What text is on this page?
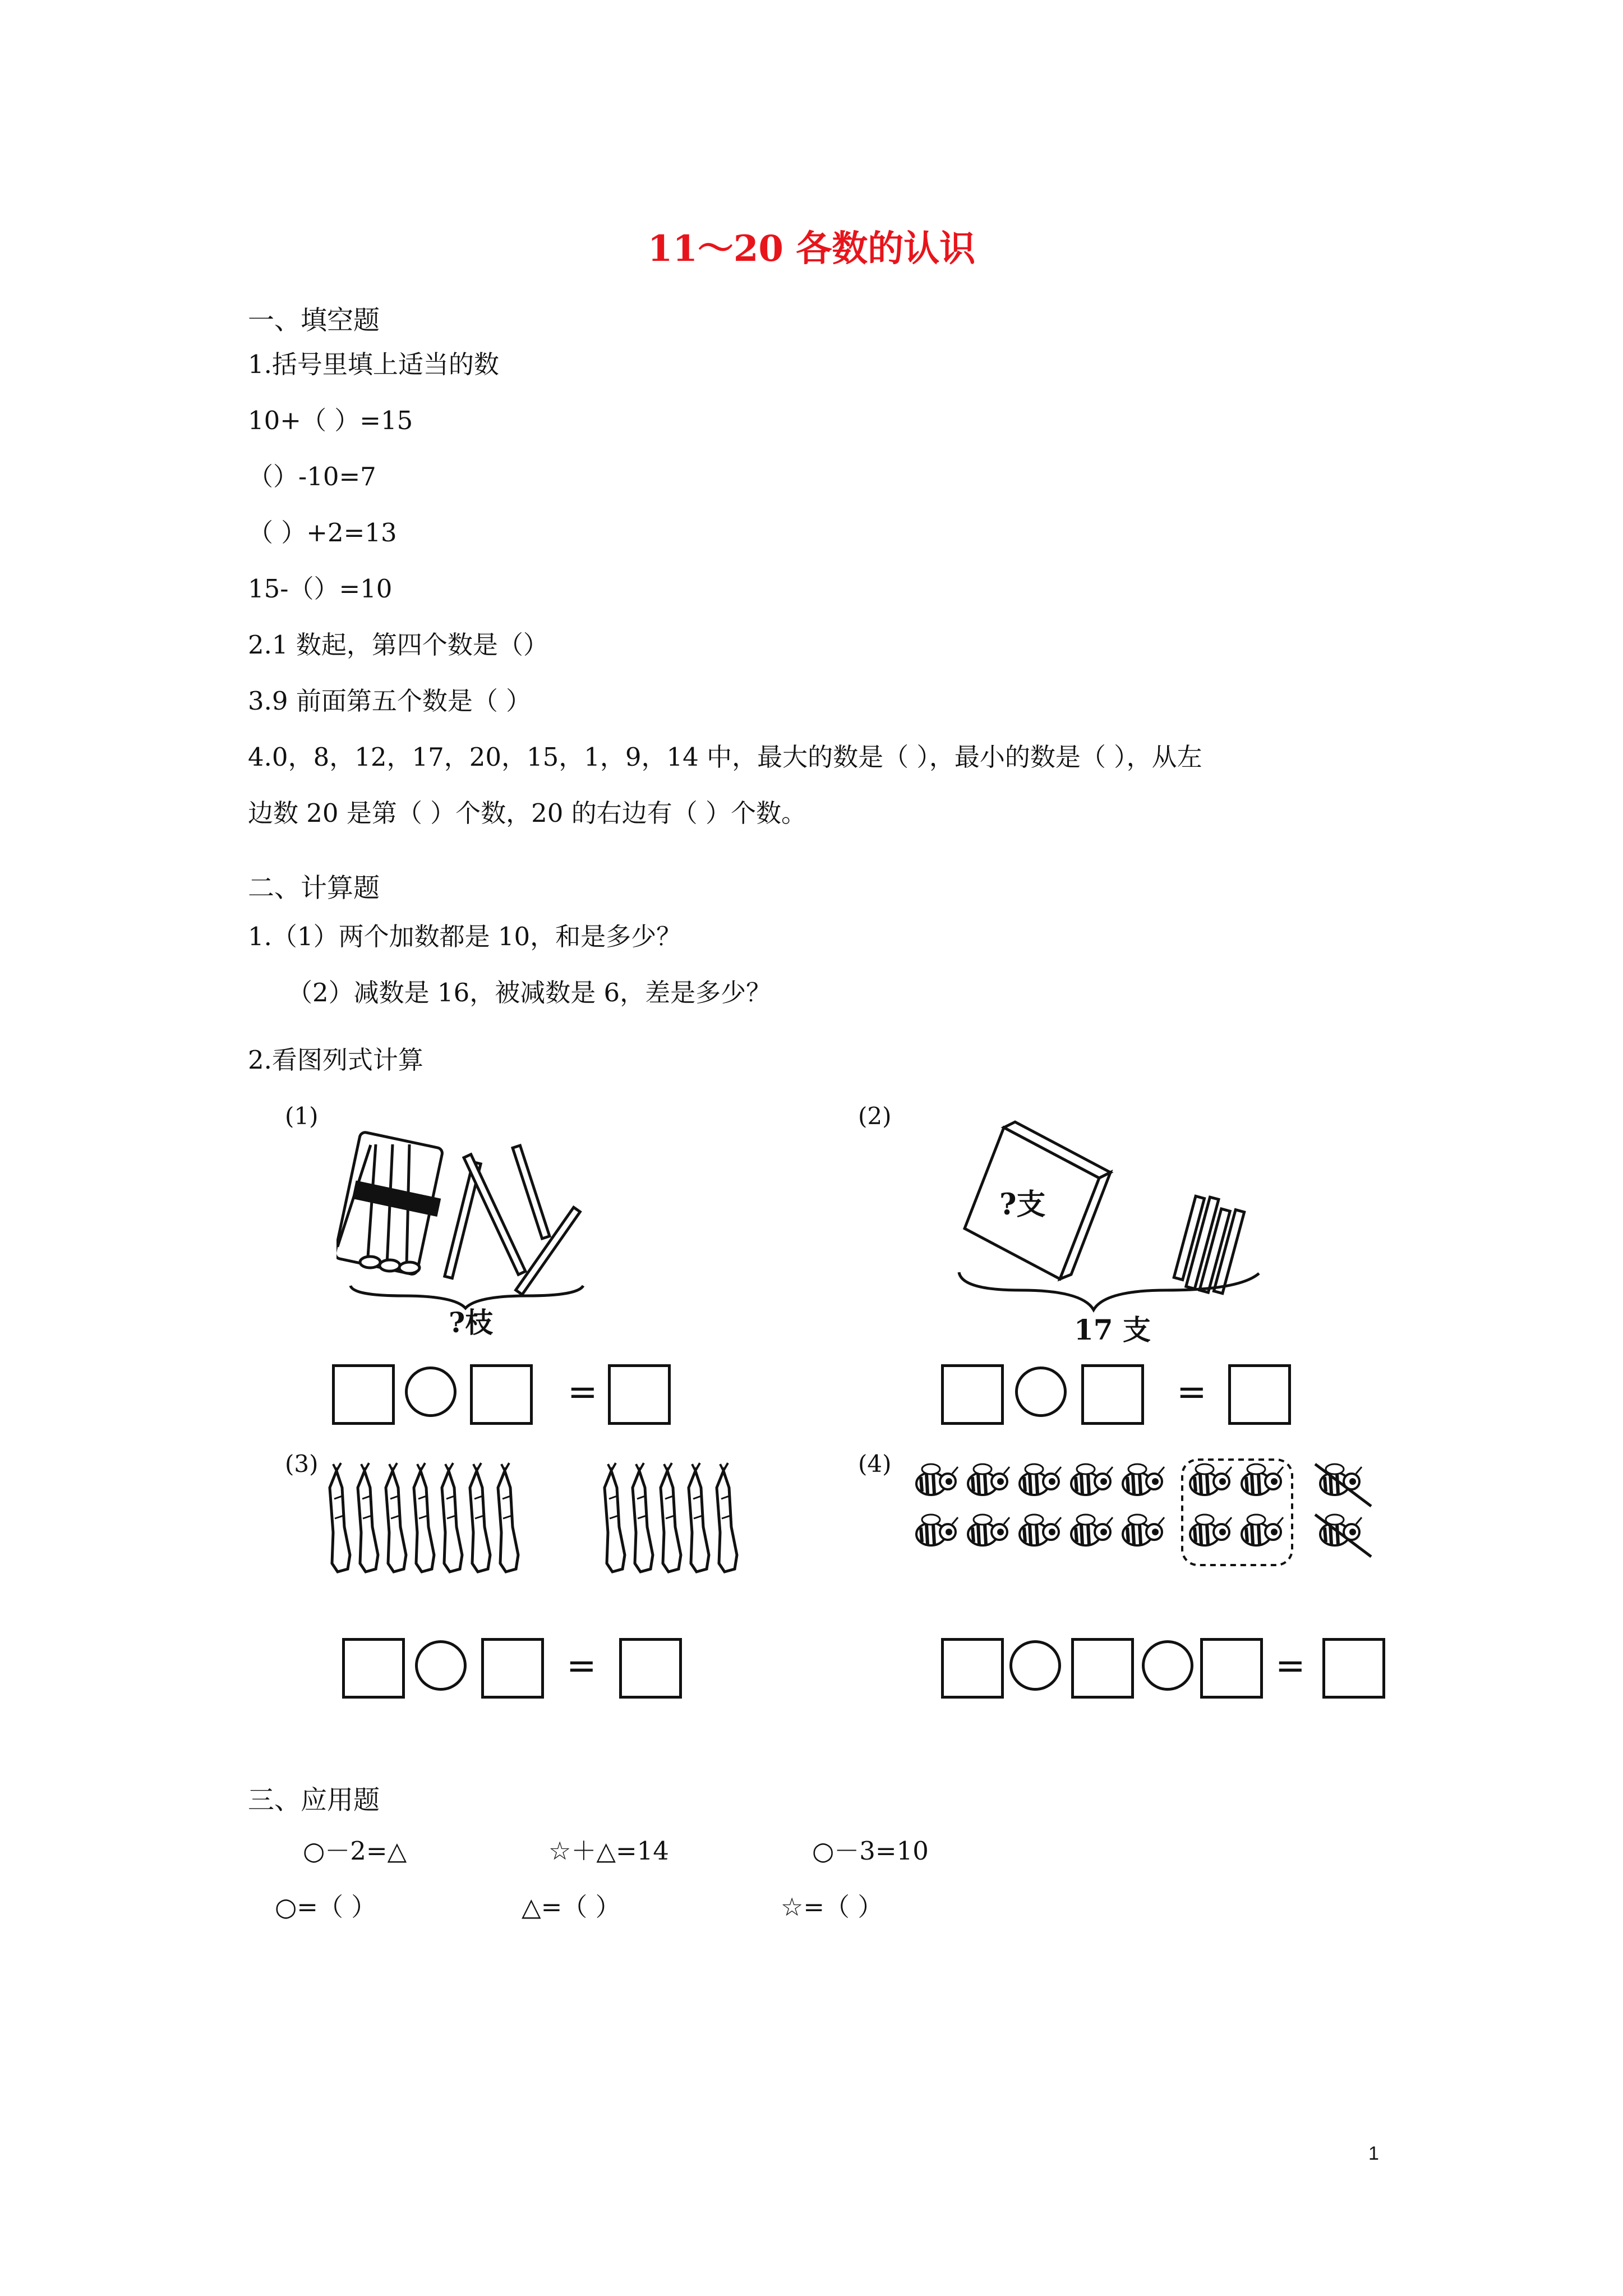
11～20 各数的认识
一、填空题
1.括号里填上适当的数
10+（ ）=15
（）-10=7
（ ）+2=13
15-（）=10
2.1 数起，第四个数是（）
3.9 前面第五个数是（ ）
4.0，8，12，17，20，15，1，9，14 中，最大的数是（ ），最小的数是（ ），从左
边数 20 是第（ ）个数，20 的右边有（ ）个数。
二、计算题
1.（1）两个加数都是 10，和是多少？
（2）减数是 16，被减数是 6，差是多少？
2.看图列式计算
(1)	(2)
(3)	(4)
?枝
?支
17 支
=	=
=	=
三、应用题
○－2=△	☆＋△=14	○－3=10
○=（ ）	△=（ ）	☆=（ ）
1
